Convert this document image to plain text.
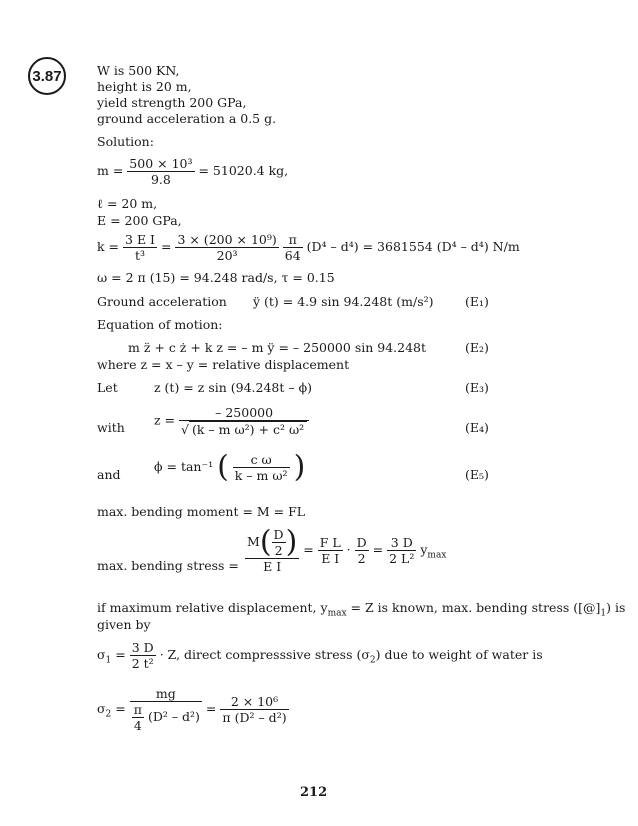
3.87	W is 500 KN,
height is 20 m,
yield strength 200 GPa,
ground acceleration a 0.5 g.
Solution:
$m = \frac{\text{500 × 10³}}{9.8} = 51020.4$ kg,
ℓ = 20 m,
E = 200 GPa,
$k = \frac{\text{3 E I}}{\text{t³}} = \frac{\text{3 × (200 × 10⁹)}}{\text{20³}}$
$\frac{\pi}{64} (D^4 - d^4) = 3681554$ (D⁴ – d⁴) N/m
ω = 2 π (15) = 94.248 rad/s, τ = 0.15
Ground acceleration ÿ (t) = 4.9 sin 94.248t (m/s²)	(E₁)
Equation of motion:
m z̈ + c ż + k z = – m ÿ = – 250000 sin 94.248t	(E₂)
where z = x – y = relative displacement
Let	z (t) = z sin (94.248t – ϕ)	(E₃)
with $z = \frac{- 250000}{\text{√ (k – m ω²) + c² ω²}}$	(E₄)
and
ϕ = tan⁻¹ ( $\frac{\text{c ω}}{\text{k – m ω²}}$ )	(E₅)
max. bending moment = M = FL
max. bending stress = $\frac{M( \frac{D}{2} )}{\text{E I}} = \frac{\text{F L}}{\text{E I}} \cdot \frac{D}{2} = \frac{3 D}{\text{2 L²}} y_{max}$
if maximum relative displacement, $y_{max} = Z$ is known, max. bending stress $([@]_1)$ is
given by
$\sigma_1 = \frac{3 D}{\text{2 t²}} \cdot Z$, direct compresssive stress $(\sigma_2)$ due to weight of water is
$\sigma_2 = \frac{mg}{\frac{\pi}{4} (D^2 - d^2)} = \frac{\text{2 × 10⁶}}{\text{π (D² – d²)}}$
212
